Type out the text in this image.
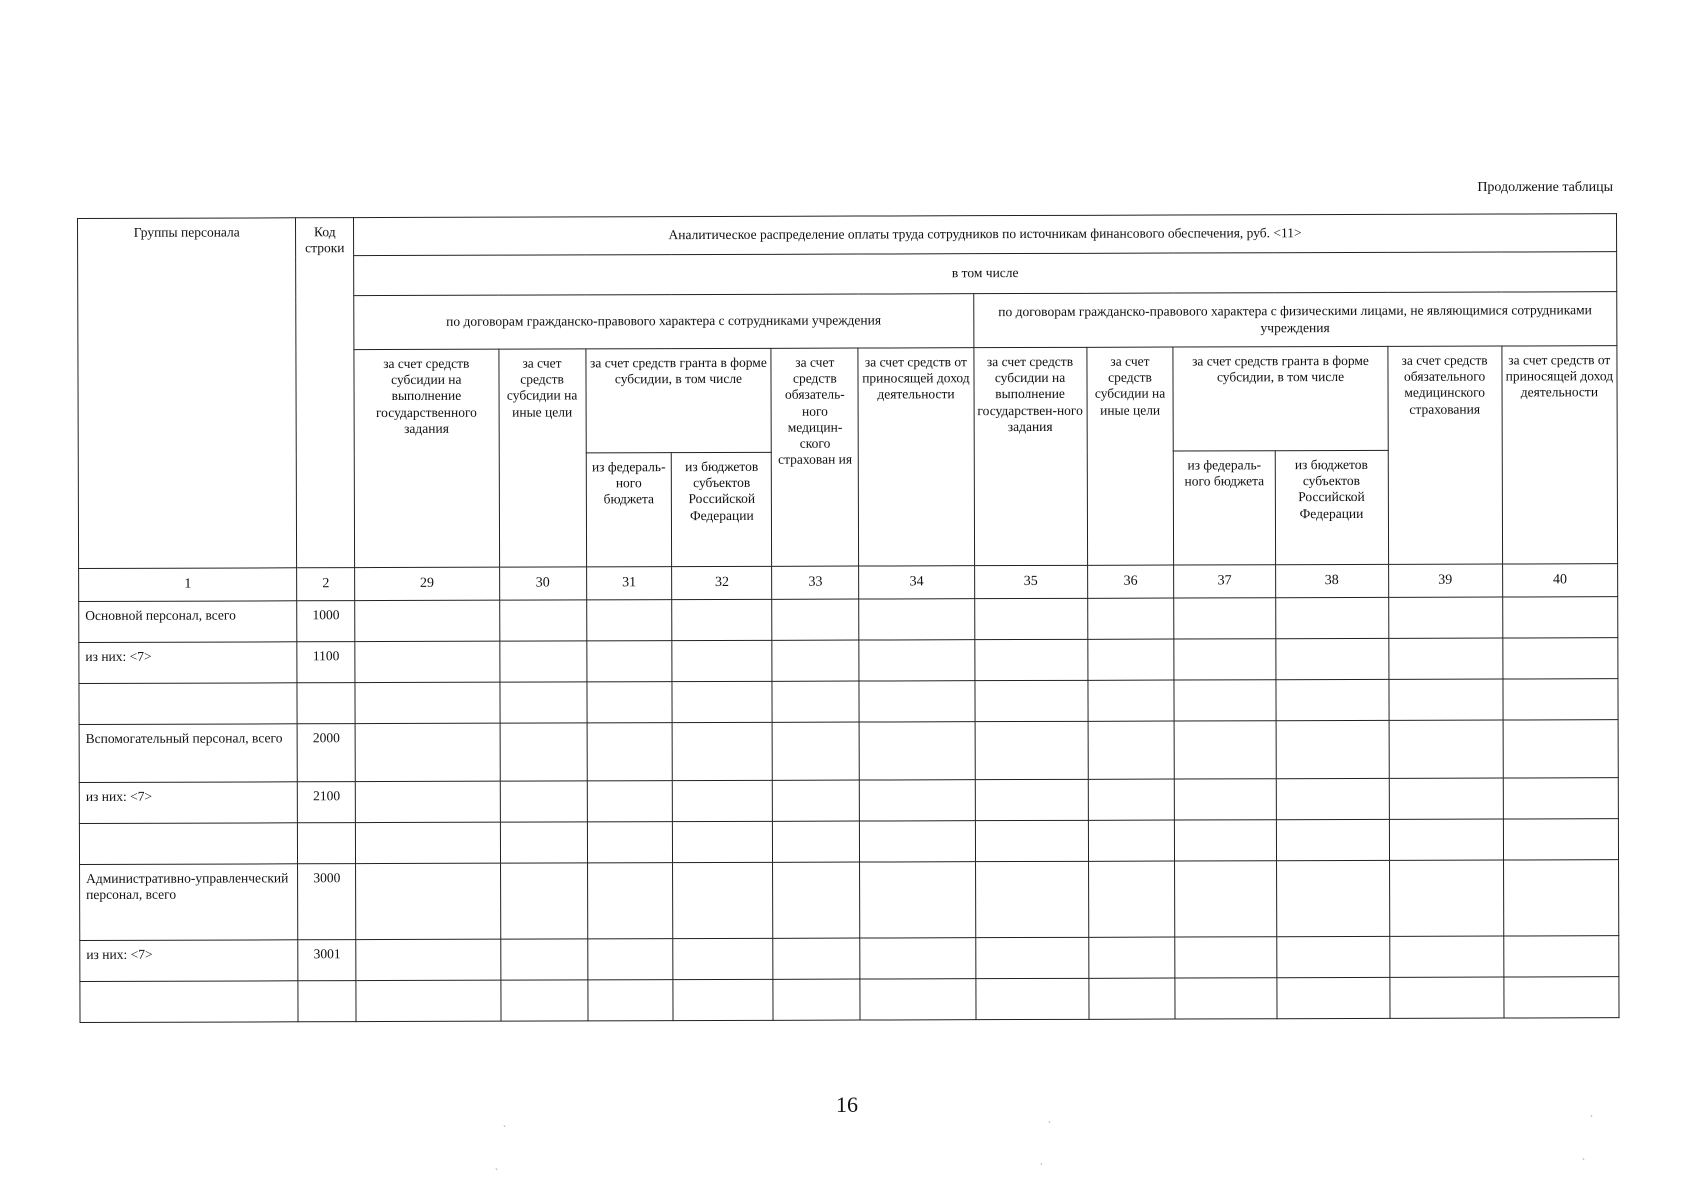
Продолжение таблицы
Группы персонала	Код строки	Аналитическое распределение оплаты труда сотрудников по источникам финансового обеспечения, руб. <11>											
		в том числе											
		по договорам гражданско-правового характера с сотрудниками учреждения						по договорам гражданско-правового характера с физическими лицами, не являющимися сотрудниками учреждения					
		за счет средств субсидии на выполнение государственного задания	за счет средств субсидии на иные цели	за счет средств гранта в форме субсидии, в том числе		за счет средств обязатель-ного медицин-ского страхован ия	за счет средств от приносящей доход деятельности	за счет средств субсидии на выполнение государствен-ного задания	за счет средств субсидии на иные цели	за счет средств гранта в форме субсидии, в том числе		за счет средств обязательного медицинского страхования	за счет средств от приносящей доход деятельности
				из федераль-ного бюджета	из бюджетов субъектов Российской Федерации					из федераль-ного бюджета	из бюджетов субъектов Российской Федерации		
1	2	29	30	31	32	33	34	35	36	37	38	39	40
Основной персонал, всего	1000												
из них: <7>	1100												

Вспомогательный персонал, всего	2000												
из них: <7>	2100												

Административно-управленческий персонал, всего	3000												
из них: <7>	3001												

16
ˏ	ˎ
ˏ
ˏ	ˏ	ˎ
